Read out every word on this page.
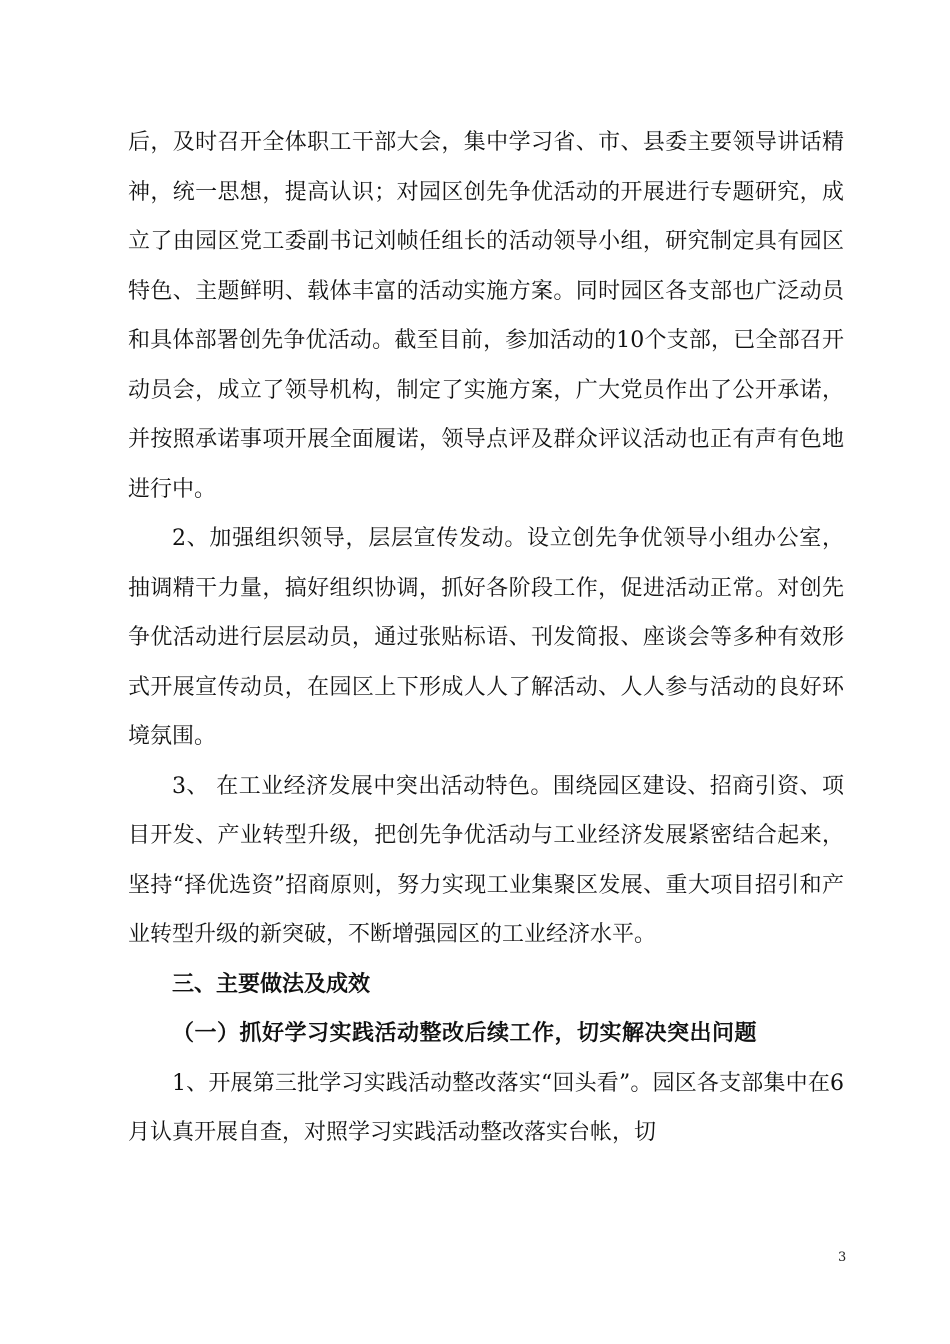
后，及时召开全体职工干部大会，集中学习省、市、县委主要领导讲话精神，统一思想，提高认识；对园区创先争优活动的开展进行专题研究，成立了由园区党工委副书记刘帧任组长的活动领导小组，研究制定具有园区特色、主题鲜明、载体丰富的活动实施方案。同时园区各支部也广泛动员和具体部署创先争优活动。截至目前，参加活动的10个支部，已全部召开动员会，成立了领导机构，制定了实施方案，广大党员作出了公开承诺，并按照承诺事项开展全面履诺，领导点评及群众评议活动也正有声有色地进行中。

2、加强组织领导，层层宣传发动。设立创先争优领导小组办公室，抽调精干力量，搞好组织协调，抓好各阶段工作，促进活动正常。对创先争优活动进行层层动员，通过张贴标语、刊发简报、座谈会等多种有效形式开展宣传动员，在园区上下形成人人了解活动、人人参与活动的良好环境氛围。

3、 在工业经济发展中突出活动特色。围绕园区建设、招商引资、项目开发、产业转型升级，把创先争优活动与工业经济发展紧密结合起来，坚持“择优选资”招商原则，努力实现工业集聚区发展、重大项目招引和产业转型升级的新突破，不断增强园区的工业经济水平。

三、主要做法及成效

（一）抓好学习实践活动整改后续工作，切实解决突出问题

1、开展第三批学习实践活动整改落实“回头看”。园区各支部集中在6月认真开展自查，对照学习实践活动整改落实台帐，切

3
